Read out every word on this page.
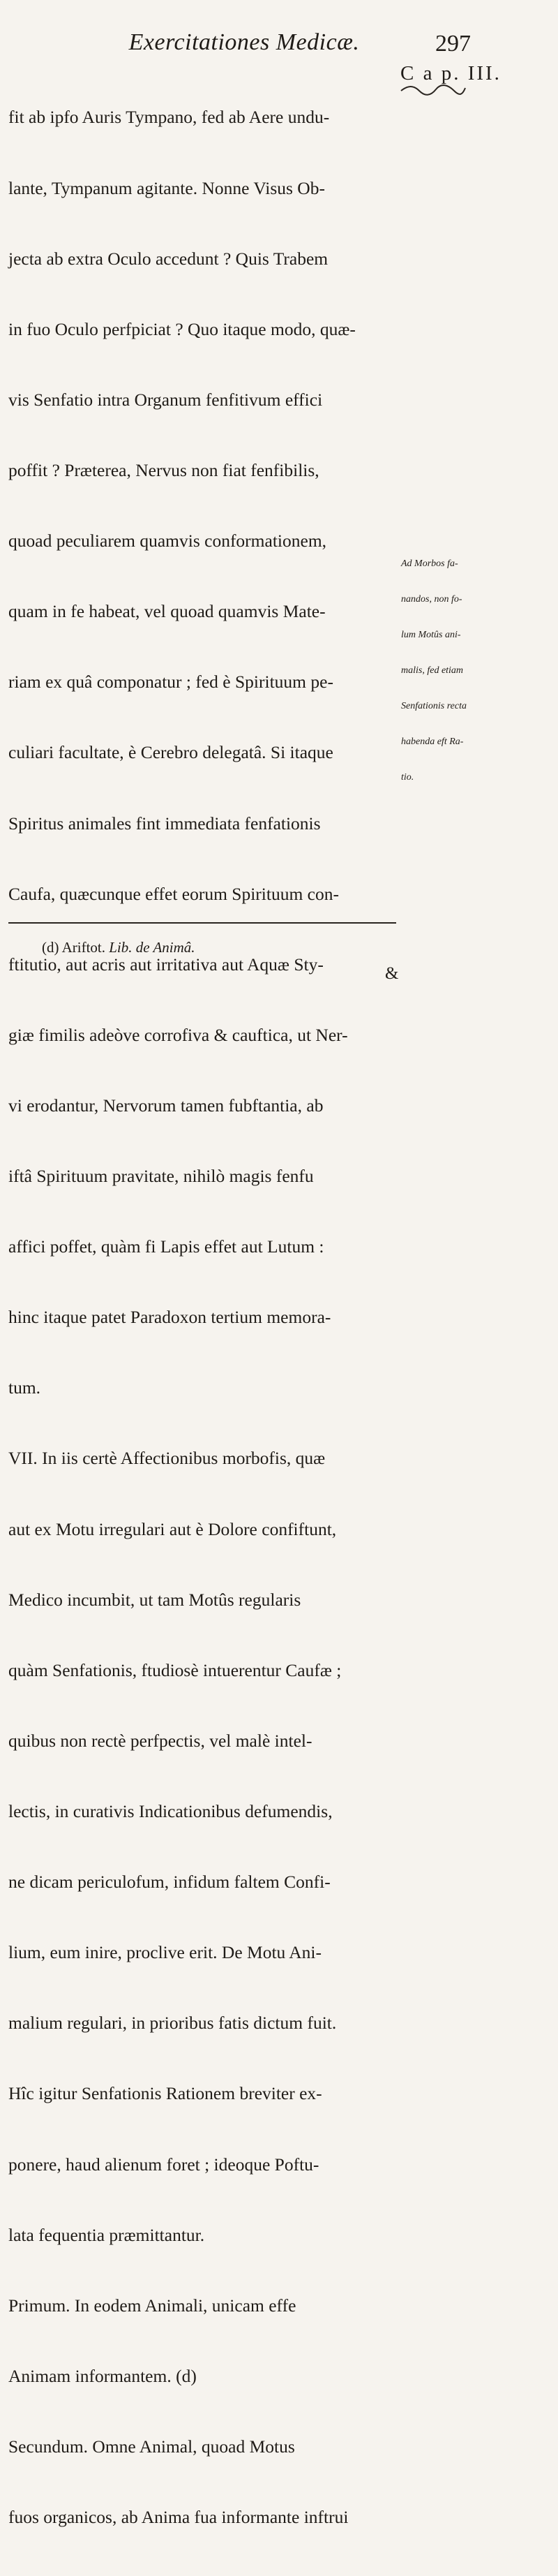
Exercitationes Medicæ.	297
C a p. III.

fit ab ipfo Auris Tympano, fed ab Aere undu-

lante, Tympanum agitante. Nonne Visus Ob-

jecta ab extra Oculo accedunt ? Quis Trabem

in fuo Oculo perfpiciat ? Quo itaque modo, quæ-

vis Senfatio intra Organum fenfitivum effici

poffit ? Præterea, Nervus non fiat fenfibilis,

quoad peculiarem quamvis conformationem,

quam in fe habeat, vel quoad quamvis Mate-

riam ex quâ componatur ; fed è Spirituum pe-

culiari facultate, è Cerebro delegatâ. Si itaque

Spiritus animales fint immediata fenfationis

Caufa, quæcunque effet eorum Spirituum con-

ftitutio, aut acris aut irritativa aut Aquæ Sty-

giæ fimilis adeòve corrofiva & cauftica, ut Ner-

vi erodantur, Nervorum tamen fubftantia, ab

iftâ Spirituum pravitate, nihilò magis fenfu

affici poffet, quàm fi Lapis effet aut Lutum :

hinc itaque patet Paradoxon tertium memora-

tum.

VII. In iis certè Affectionibus morbofis, quæ

aut ex Motu irregulari aut è Dolore confiftunt,

Medico incumbit, ut tam Motûs regularis

quàm Senfationis, ftudiosè intuerentur Caufæ ;

quibus non rectè perfpectis, vel malè intel-

lectis, in curativis Indicationibus defumendis,

ne dicam periculofum, infidum faltem Confi-

lium, eum inire, proclive erit. De Motu Ani-

malium regulari, in prioribus fatis dictum fuit.

Hîc igitur Senfationis Rationem breviter ex-

ponere, haud alienum foret ; ideoque Poftu-

lata fequentia præmittantur.

Primum. In eodem Animali, unicam effe

Animam informantem. (d)

Secundum. Omne Animal, quoad Motus

fuos organicos, ab Anima fua informante inftrui

Ad Morbos fa-

nandos, non fo-

lum Motûs ani-

malis, fed etiam

Senfationis recta

habenda eft Ra-

tio.

(d) Ariftot. Lib. de Animâ.
&
